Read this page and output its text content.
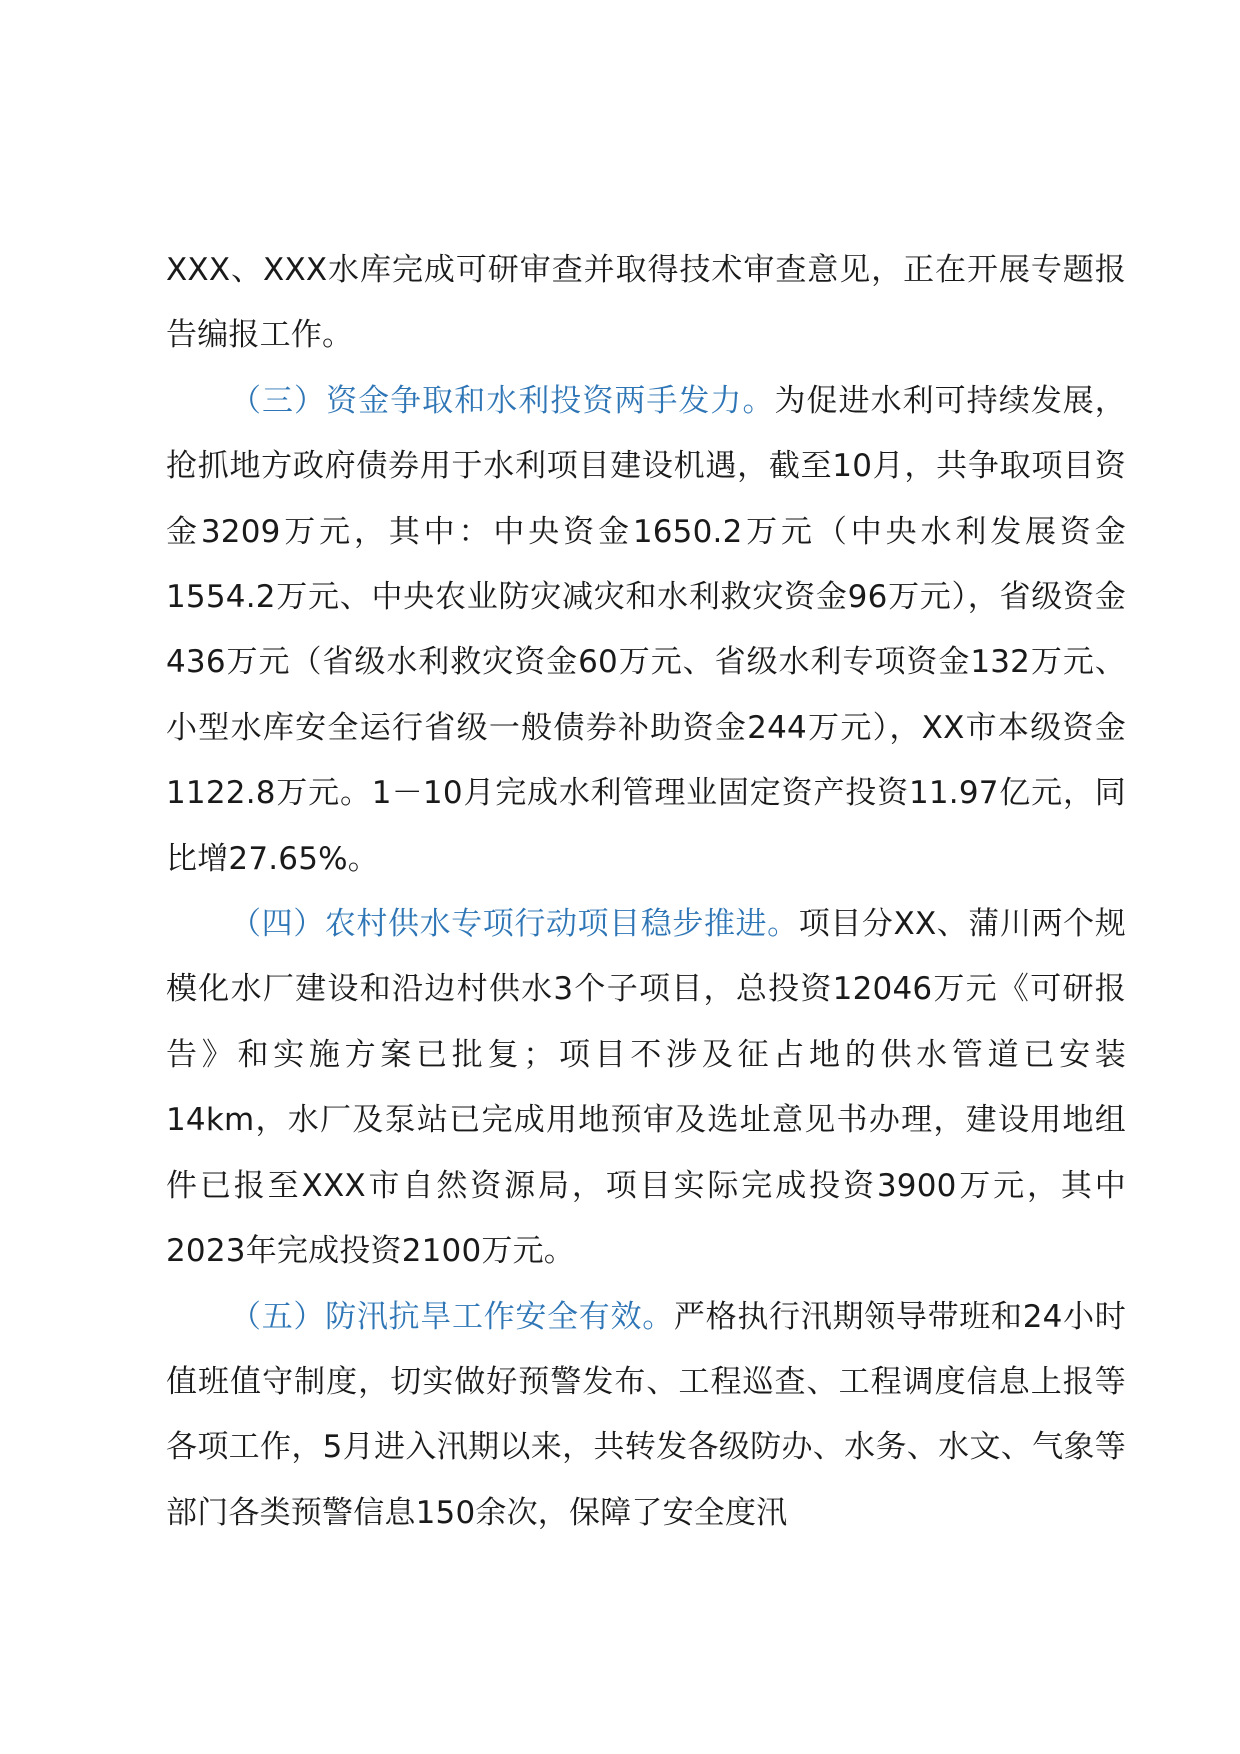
XXX、XXX水库完成可研审查并取得技术审查意见，正在开展专题报告编报工作。

（三）资金争取和水利投资两手发力。为促进水利可持续发展，抢抓地方政府债券用于水利项目建设机遇，截至10月，共争取项目资金3209万元，其中：中央资金1650.2万元（中央水利发展资金1554.2万元、中央农业防灾减灾和水利救灾资金96万元），省级资金436万元（省级水利救灾资金60万元、省级水利专项资金132万元、小型水库安全运行省级一般债券补助资金244万元），XX市本级资金1122.8万元。1－10月完成水利管理业固定资产投资11.97亿元，同比增27.65%。

（四）农村供水专项行动项目稳步推进。项目分XX、蒲川两个规模化水厂建设和沿边村供水3个子项目，总投资12046万元《可研报告》和实施方案已批复；项目不涉及征占地的供水管道已安装14km，水厂及泵站已完成用地预审及选址意见书办理，建设用地组件已报至XXX市自然资源局，项目实际完成投资3900万元，其中2023年完成投资2100万元。

（五）防汛抗旱工作安全有效。严格执行汛期领导带班和24小时值班值守制度，切实做好预警发布、工程巡查、工程调度信息上报等各项工作，5月进入汛期以来，共转发各级防办、水务、水文、气象等部门各类预警信息150余次，保障了安全度汛
